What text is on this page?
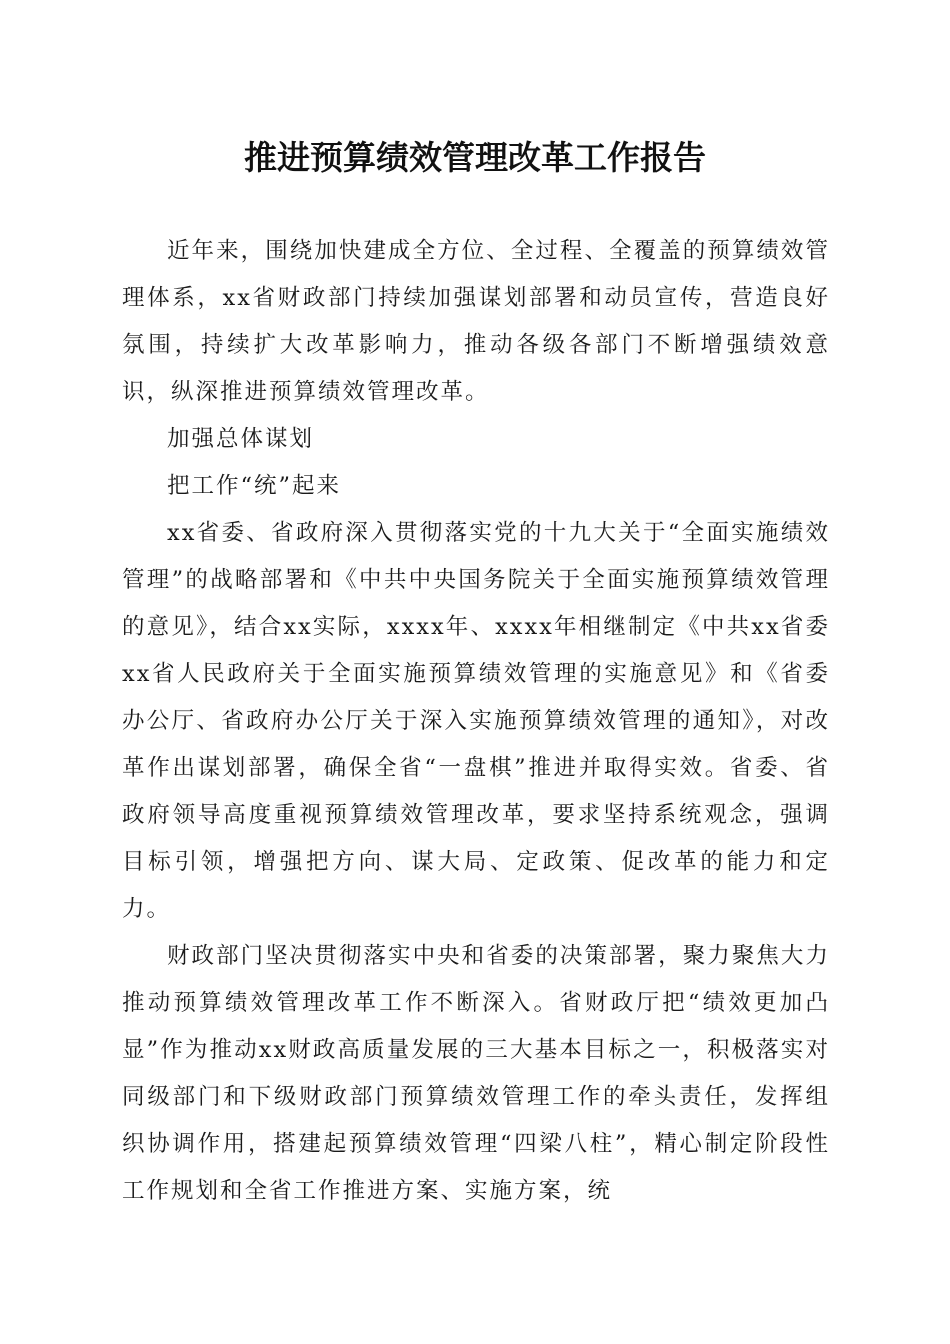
推进预算绩效管理改革工作报告

近年来，围绕加快建成全方位、全过程、全覆盖的预算绩效管理体系，xx省财政部门持续加强谋划部署和动员宣传，营造良好氛围，持续扩大改革影响力，推动各级各部门不断增强绩效意识，纵深推进预算绩效管理改革。

加强总体谋划

把工作“统”起来

xx省委、省政府深入贯彻落实党的十九大关于“全面实施绩效管理”的战略部署和《中共中央国务院关于全面实施预算绩效管理的意见》，结合xx实际，xxxx年、xxxx年相继制定《中共xx省委xx省人民政府关于全面实施预算绩效管理的实施意见》和《省委办公厅、省政府办公厅关于深入实施预算绩效管理的通知》，对改革作出谋划部署，确保全省“一盘棋”推进并取得实效。省委、省政府领导高度重视预算绩效管理改革，要求坚持系统观念，强调目标引领，增强把方向、谋大局、定政策、促改革的能力和定力。

财政部门坚决贯彻落实中央和省委的决策部署，聚力聚焦大力推动预算绩效管理改革工作不断深入。省财政厅把“绩效更加凸显”作为推动xx财政高质量发展的三大基本目标之一，积极落实对同级部门和下级财政部门预算绩效管理工作的牵头责任，发挥组织协调作用，搭建起预算绩效管理“四梁八柱”，精心制定阶段性工作规划和全省工作推进方案、实施方案，统
